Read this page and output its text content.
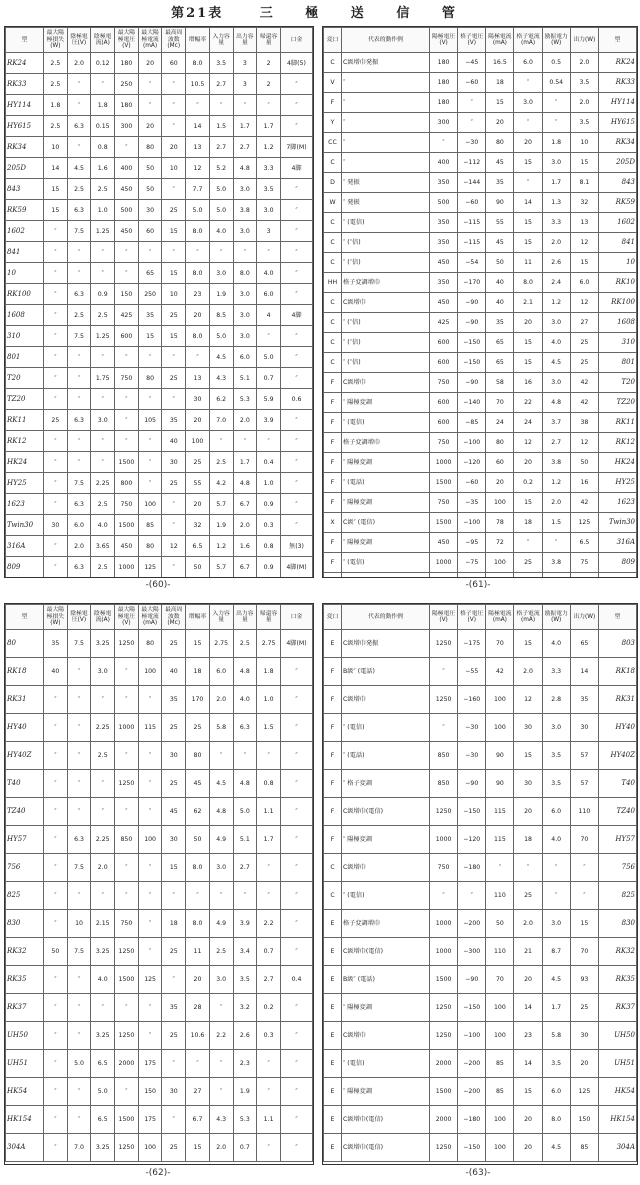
第21表	三 極 送 信 管
型	最大陽極損失(W)	陰極電圧(V)	陰極電流(A)	最大陽極電圧(V)	最大陽極電流(mA)	最高周波数(Mc)	増幅率	入力容量	出力容量	帰還容量	口金
RK24	2.5	2.0	0.12	180	20	60	8.0	3.5	3	2	4脚(5)
RK33	2.5	″	″	250	″	″	10.5	2.7	3	2	″
HY114	1.8	″	1.8	180	″	″	″	″	″	″	″
HY615	2.5	6.3	0.15	300	20	″	14	1.5	1.7	1.7	″
RK34	10	″	0.8	″	80	20	13	2.7	2.7	1.2	7脚(M)
205D	14	4.5	1.6	400	50	10	12	5.2	4.8	3.3	4脚
843	15	2.5	2.5	450	50	″	7.7	5.0	3.0	3.5	″
RK59	15	6.3	1.0	500	30	25	5.0	5.0	3.8	3.0	″
1602	″	7.5	1.25	450	60	15	8.0	4.0	3.0	3	″
841	″	″	″	″	″	″	″	″	″	″	″
10	″	″	″	″	65	15	8.0	3.0	8.0	4.0	″
RK100	″	6.3	0.9	150	250	10	23	1.9	3.0	6.0	″
1608	″	2.5	2.5	425	35	25	20	8.5	3.0	4	4脚
310	″	7.5	1.25	600	15	15	8.0	5.0	3.0	″	″
801	″	″	″	″	″	″	″	4.5	6.0	5.0	″
T20	″	″	1.75	750	80	25	13	4.3	5.1	0.7	″
TZ20	″	″	″	″	″	″	30	6.2	5.3	5.9	0.6
RK11	25	6.3	3.0	″	105	35	20	7.0	2.0	3.9	″
RK12	″	″	″	″	″	40	100	″	″	″	″
HK24	″	″	″	1500	″	30	25	2.5	1.7	0.4	″
HY25	″	7.5	2.25	800	″	25	55	4.2	4.8	1.0	″
1623	″	6.3	2.5	750	100	″	20	5.7	6.7	0.9	″
Twin30	30	6.0	4.0	1500	85	″	32	1.9	2.0	0.3	″
316A	″	2.0	3.65	450	80	12	6.5	1.2	1.6	0.8	無(3)
809	″	6.3	2.5	1000	125	″	50	5.7	6.7	0.9	4脚(M)

変口	代表的動作例	陽極電圧(V)	格子電圧(V)	陽極電流(mA)	格子電流(mA)	励振電力(W)	出力(W)	型
C	C級増巾発振	180	−45	16.5	6.0	0.5	2.0	RK24
V	″	180	−60	18	″	0.54	3.5	RK33
F	″	180	″	15	3.0	″	2.0	HY114
Y	″	300	″	20	″	″	3.5	HY615
CC	″	″	−30	80	20	1.8	10	RK34
C	″	400	−112	45	15	3.0	15	205D
D	″ 発振	350	−144	35	″	1.7	8.1	843
W	″ 発振	500	−60	90	14	1.3	32	RK59
C	″ (電信)	350	−115	55	15	3.3	13	1602
C	″ (″信)	350	−115	45	15	2.0	12	841
C	″ (″信)	450	−54	50	11	2.6	15	10
HH	格子変調増巾	350	−170	40	8.0	2.4	6.0	RK10
C	C級増巾	450	−90	40	2.1	1.2	12	RK100
C	″ (″信)	425	−90	35	20	3.0	27	1608
C	″ (″信)	600	−150	65	15	4.0	25	310
C	″ (″信)	600	−150	65	15	4.5	25	801
F	C級増巾	750	−90	58	16	3.0	42	T20
F	″ 陽極変調	600	−140	70	22	4.8	42	TZ20
F	″ (電信)	600	−85	24	24	3.7	38	RK11
F	格子変調増巾	750	−100	80	12	2.7	12	RK12
F	″ 陽極変調	1000	−120	60	20	3.8	50	HK24
F	″ (電話)	1500	−60	20	0.2	1.2	16	HY25
F	″ 陽極変調	750	−35	100	15	2.0	42	1623
X	C級″ (電信)	1500	−100	78	18	1.5	125	Twin30
F	″ 陽極変調	450	−95	72	″	″	6.5	316A
F	″ (電信)	1000	−75	100	25	3.8	75	809

型	最大陽極損失(W)	陰極電圧(V)	陰極電流(A)	最大陽極電圧(V)	最大陽極電流(mA)	最高周波数(Mc)	増幅率	入力容量	出力容量	帰還容量	口金
80	35	7.5	3.25	1250	80	25	15	2.75	2.5	2.75	4脚(M)
RK18	40	″	3.0	″	100	40	18	6.0	4.8	1.8	″
RK31	″	″	″	″	″	35	170	2.0	4.0	1.0	″
HY40	″	″	2.25	1000	115	25	25	5.8	6.3	1.5	″
HY40Z	″	″	2.5	″	″	30	80	″	″	″	″
T40	″	″	″	1250	″	25	45	4.5	4.8	0.8	″
TZ40	″	″	″	″	″	45	62	4.8	5.0	1.1	″
HY57	″	6.3	2.25	850	100	30	50	4.9	5.1	1.7	″
756	″	7.5	2.0	″	″	15	8.0	3.0	2.7	″	″
825	″	″	″	″	″	″	″	″	″	″	″
830	″	10	2.15	750	″	18	8.0	4.9	3.9	2.2	″
RK32	50	7.5	3.25	1250	″	25	11	2.5	3.4	0.7	″
RK35	″	″	4.0	1500	125	″	20	3.0	3.5	2.7	0.4
RK37	″	″	″	″	″	35	28	″	3.2	0.2	″
UH50	″	″	3.25	1250	″	25	10.6	2.2	2.6	0.3	″
UH51	″	5.0	6.5	2000	175	″	″	″	2.3	″	″
HK54	″	″	5.0	″	150	30	27	″	1.9	″	″
HK154	″	″	6.5	1500	175	″	6.7	4.3	5.3	1.1	″
304A	″	7.0	3.25	1250	100	25	15	2.0	0.7	″	″
変口	代表的動作例	陽極電圧(V)	格子電圧(V)	陽極電流(mA)	格子電流(mA)	励振電力(W)	出力(W)	型
E	C級増巾発振	1250	−175	70	15	4.0	65	803
F	B級″ (電話)	″	−55	42	2.0	3.3	14	RK18
F	C級増巾	1250	−160	100	12	2.8	35	RK31
F	″ (電信)	″	−30	100	30	3.0	30	HY40
F	″ (電話)	850	−30	90	15	3.5	57	HY40Z
F	″ 格子変調	850	−90	90	30	3.5	57	T40
F	C級増巾(電信)	1250	−150	115	20	6.0	110	TZ40
F	″ 陽極変調	1000	−120	115	18	4.0	70	HY57
C	C級増巾	750	−180	″	″	″	″	756
C	″ (電信)	″	″	110	25	″	″	825
E	格子変調増巾	1000	−200	50	2.0	3.0	15	830
E	C級増巾(電信)	1000	−300	110	21	8.7	70	RK32
E	B級″ (電話)	1500	−90	70	20	4.5	93	RK35
E	″ 陽極変調	1250	−150	100	14	1.7	25	RK37
E	C級増巾	1250	−100	100	23	5.8	30	UH50
E	″ (電信)	2000	−200	85	14	3.5	20	UH51
E	″ 陽極変調	1500	−200	85	15	6.0	125	HK54
E	C級増巾(電信)	2000	−180	100	20	8.0	150	HK154
E	C級増巾(電信)	1250	−150	100	20	4.5	85	304A
-(60)-	-(61)-
-(62)-	-(63)-
